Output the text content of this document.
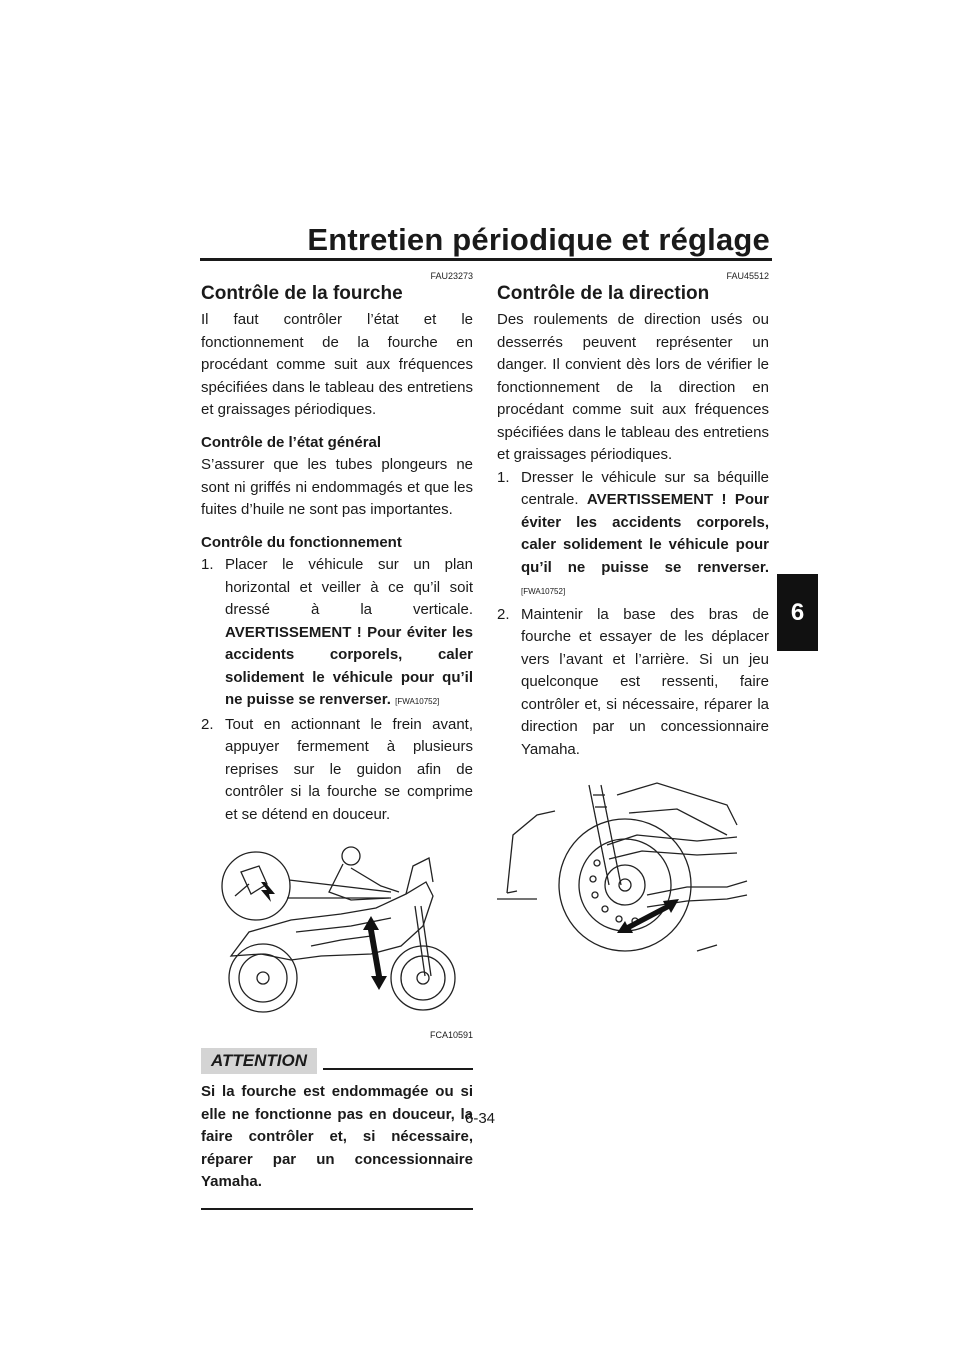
Entretien périodique et réglage
6
FAU23273
Contrôle de la fourche

Il faut contrôler l’état et le fonctionnement de la fourche en procédant comme suit aux fréquences spécifiées dans le tableau des entretiens et graissages périodiques.

Contrôle de l’état général

S’assurer que les tubes plongeurs ne sont ni griffés ni endommagés et que les fuites d’huile ne sont pas importantes.

Contrôle du fonctionnement
1. Placer le véhicule sur un plan horizontal et veiller à ce qu’il soit dressé à la verticale. AVERTISSEMENT ! Pour éviter les accidents corporels, caler solidement le véhicule pour qu’il ne puisse se renverser. [FWA10752]
2. Tout en actionnant le frein avant, appuyer fermement à plusieurs reprises sur le guidon afin de contrôler si la fourche se comprime et se détend en douceur.
FCA10591
ATTENTION

Si la fourche est endommagée ou si elle ne fonctionne pas en douceur, la faire contrôler et, si nécessaire, réparer par un concessionnaire Yamaha.

FAU45512
Contrôle de la direction

Des roulements de direction usés ou desserrés peuvent représenter un danger. Il convient dès lors de vérifier le fonctionnement de la direction en procédant comme suit aux fréquences spécifiées dans le tableau des entretiens et graissages périodiques.

1. Dresser le véhicule sur sa béquille centrale. AVERTISSEMENT ! Pour éviter les accidents corporels, caler solidement le véhicule pour qu’il ne puisse se renverser. [FWA10752]
2. Maintenir la base des bras de fourche et essayer de les déplacer vers l’avant et l’arrière. Si un jeu quelconque est ressenti, faire contrôler et, si nécessaire, réparer la direction par un concessionnaire Yamaha.
6-34
